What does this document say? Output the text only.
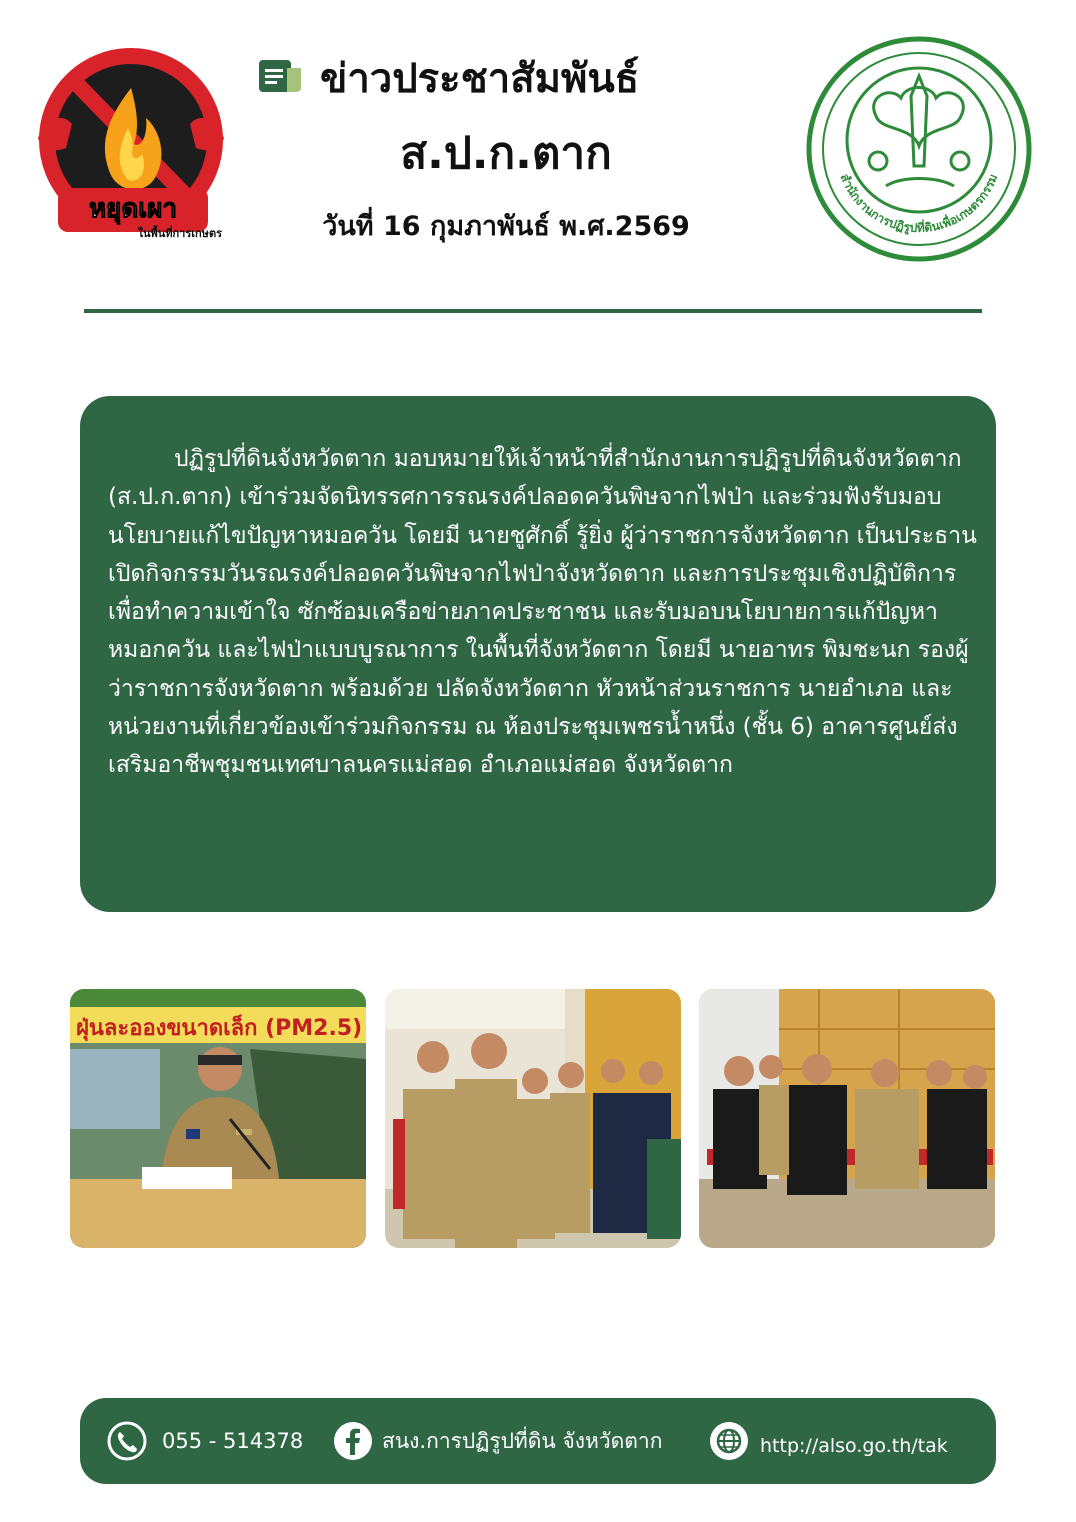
หยุดเผา
ในพื้นที่การเกษตร
ข่าวประชาสัมพันธ์
ส.ป.ก.ตาก
วันที่ 16 กุมภาพันธ์ พ.ศ.2569
สำนักงานการปฏิรูปที่ดินเพื่อเกษตรกรรม

ปฏิรูปที่ดินจังหวัดตาก มอบหมายให้เจ้าหน้าที่สำนักงานการปฏิรูปที่ดินจังหวัดตาก (ส.ป.ก.ตาก) เข้าร่วมจัดนิทรรศการรณรงค์ปลอดควันพิษจากไฟป่า และร่วมฟังรับมอบนโยบายแก้ไขปัญหาหมอควัน โดยมี นายชูศักดิ์ รู้ยิ่ง ผู้ว่าราชการจังหวัดตาก เป็นประธานเปิดกิจกรรมวันรณรงค์ปลอดควันพิษจากไฟป่าจังหวัดตาก และการประชุมเชิงปฏิบัติการเพื่อทำความเข้าใจ ซักซ้อมเครือข่ายภาคประชาชน และรับมอบนโยบายการแก้ปัญหาหมอกควัน และไฟป่าแบบบูรณาการ ในพื้นที่จังหวัดตาก โดยมี นายอาทร พิมชะนก รองผู้ว่าราชการจังหวัดตาก พร้อมด้วย ปลัดจังหวัดตาก หัวหน้าส่วนราชการ นายอำเภอ และหน่วยงานที่เกี่ยวข้องเข้าร่วมกิจกรรม ณ ห้องประชุมเพชรน้ำหนึ่ง (ชั้น 6) อาคารศูนย์ส่งเสริมอาชีพชุมชนเทศบาลนครแม่สอด อำเภอแม่สอด จังหวัดตาก

ฝุ่นละอองขนาดเล็ก (PM2.5)
055 - 514378	สนง.การปฏิรูปที่ดิน จังหวัดตาก	http://also.go.th/tak
